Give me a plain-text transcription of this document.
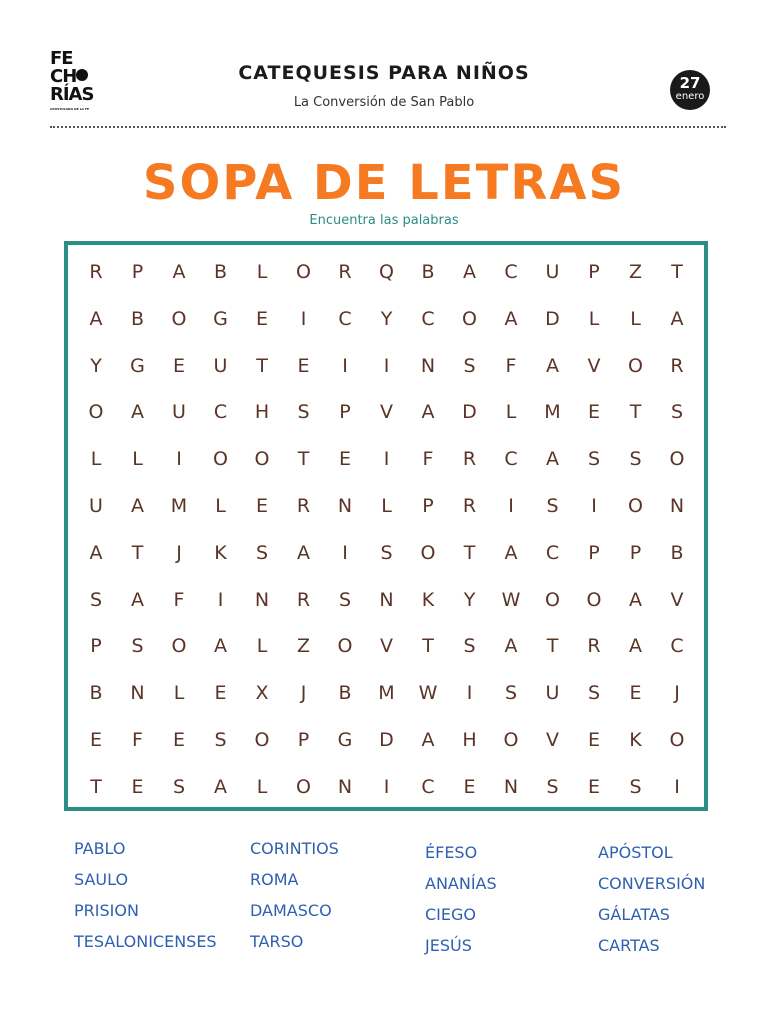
FE
CH
RÍAS
APOSTOLADO DE LA FE
CATEQUESIS PARA NIÑOS
La Conversión de San Pablo
27
enero
SOPA DE LETRAS
Encuentra las palabras
R	P	A	B	L	O	R	Q	B	A	C	U	P	Z	T
A	B	O	G	E	I	C	Y	C	O	A	D	L	L	A
Y	G	E	U	T	E	I	I	N	S	F	A	V	O	R
O	A	U	C	H	S	P	V	A	D	L	M	E	T	S
L	L	I	O	O	T	E	I	F	R	C	A	S	S	O
U	A	M	L	E	R	N	L	P	R	I	S	I	O	N
A	T	J	K	S	A	I	S	O	T	A	C	P	P	B
S	A	F	I	N	R	S	N	K	Y	W	O	O	A	V
P	S	O	A	L	Z	O	V	T	S	A	T	R	A	C
B	N	L	E	X	J	B	M	W	I	S	U	S	E	J
E	F	E	S	O	P	G	D	A	H	O	V	E	K	O
T	E	S	A	L	O	N	I	C	E	N	S	E	S	I
PABLO
SAULO
PRISION
TESALONICENSES
CORINTIOS
ROMA
DAMASCO
TARSO
ÉFESO
ANANÍAS
CIEGO
JESÚS
APÓSTOL
CONVERSIÓN
GÁLATAS
CARTAS
